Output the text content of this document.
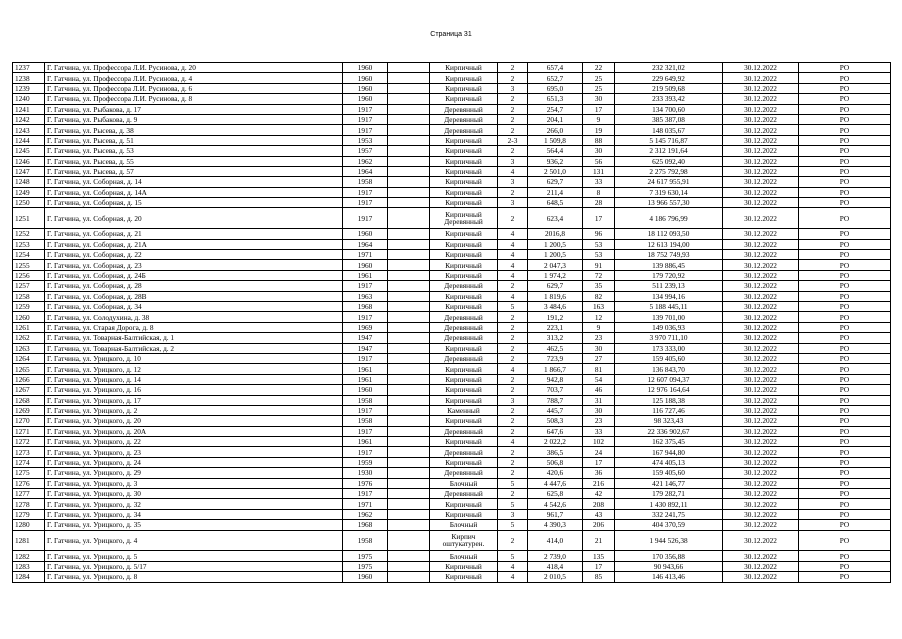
Страница 31
1237	Г. Гатчина, ул. Профессора Л.И. Русинова, д. 20	1960		Кирпичный	2	657,4	22	232 321,02	30.12.2022	РО
1238	Г. Гатчина, ул. Профессора Л.И. Русинова, д. 4	1960		Кирпичный	2	652,7	25	229 649,92	30.12.2022	РО
1239	Г. Гатчина, ул. Профессора Л.И. Русинова, д. 6	1960		Кирпичный	3	695,0	25	219 509,68	30.12.2022	РО
1240	Г. Гатчина, ул. Профессора Л.И. Русинова, д. 8	1960		Кирпичный	2	651,3	30	233 393,42	30.12.2022	РО
1241	Г. Гатчина, ул. Рыбакова, д. 17	1917		Деревянный	2	254,7	17	134 700,60	30.12.2022	РО
1242	Г. Гатчина, ул. Рыбакова, д. 9	1917		Деревянный	2	204,1	9	385 387,08	30.12.2022	РО
1243	Г. Гатчина, ул. Рысева, д. 38	1917		Деревянный	2	266,0	19	148 035,67	30.12.2022	РО
1244	Г. Гатчина, ул. Рысева, д. 51	1953		Кирпичный	2-3	1 509,8	88	5 145 716,87	30.12.2022	РО
1245	Г. Гатчина, ул. Рысева, д. 53	1957		Кирпичный	2	564,4	30	2 312 191,64	30.12.2022	РО
1246	Г. Гатчина, ул. Рысева, д. 55	1962		Кирпичный	3	936,2	56	625 092,40	30.12.2022	РО
1247	Г. Гатчина, ул. Рысева, д. 57	1964		Кирпичный	4	2 501,0	131	2 275 792,98	30.12.2022	РО
1248	Г. Гатчина, ул. Соборная, д. 14	1958		Кирпичный	3	629,7	33	24 617 955,91	30.12.2022	РО
1249	Г. Гатчина, ул. Соборная, д. 14А	1917		Кирпичный	2	211,4	8	7 319 630,14	30.12.2022	РО
1250	Г. Гатчина, ул. Соборная, д. 15	1917		Кирпичный	3	648,5	28	13 966 557,30	30.12.2022	РО
1251	Г. Гатчина, ул. Соборная, д. 20	1917		Кирпичный Деревянный	2	623,4	17	4 186 796,99	30.12.2022	РО
1252	Г. Гатчина, ул. Соборная, д. 21	1960		Кирпичный	4	2016,8	96	18 112 093,50	30.12.2022	РО
1253	Г. Гатчина, ул. Соборная, д. 21А	1964		Кирпичный	4	1 200,5	53	12 613 194,00	30.12.2022	РО
1254	Г. Гатчина, ул. Соборная, д. 22	1971		Кирпичный	4	1 200,5	53	18 752 749,93	30.12.2022	РО
1255	Г. Гатчина, ул. Соборная, д. 23	1960		Кирпичный	4	2 047,3	91	139 886,45	30.12.2022	РО
1256	Г. Гатчина, ул. Соборная, д. 24Б	1961		Кирпичный	4	1 974,2	72	179 720,92	30.12.2022	РО
1257	Г. Гатчина, ул. Соборная, д. 28	1917		Деревянный	2	629,7	35	511 239,13	30.12.2022	РО
1258	Г. Гатчина, ул. Соборная, д. 28В	1963		Кирпичный	4	1 819,6	82	134 994,16	30.12.2022	РО
1259	Г. Гатчина, ул. Соборная, д. 34	1968		Кирпичный	5	3 484,6	163	5 188 445,11	30.12.2022	РО
1260	Г. Гатчина, ул. Солодухина, д. 38	1917		Деревянный	2	191,2	12	139 701,00	30.12.2022	РО
1261	Г. Гатчина, ул. Старая Дорога, д. 8	1969		Деревянный	2	223,1	9	149 036,93	30.12.2022	РО
1262	Г. Гатчина, ул. Товарная-Балтийская, д. 1	1947		Деревянный	2	313,2	23	3 970 711,10	30.12.2022	РО
1263	Г. Гатчина, ул. Товарная-Балтийская, д. 2	1947		Кирпичный	2	462,5	30	173 333,00	30.12.2022	РО
1264	Г. Гатчина, ул. Урицкого, д. 10	1917		Деревянный	2	723,9	27	159 405,60	30.12.2022	РО
1265	Г. Гатчина, ул. Урицкого, д. 12	1961		Кирпичный	4	1 866,7	81	136 843,70	30.12.2022	РО
1266	Г. Гатчина, ул. Урицкого, д. 14	1961		Кирпичный	2	942,8	54	12 607 094,37	30.12.2022	РО
1267	Г. Гатчина, ул. Урицкого, д. 16	1960		Кирпичный	2	703,7	46	12 976 164,64	30.12.2022	РО
1268	Г. Гатчина, ул. Урицкого, д. 17	1958		Кирпичный	3	788,7	31	125 188,38	30.12.2022	РО
1269	Г. Гатчина, ул. Урицкого, д. 2	1917		Каменный	2	445,7	30	116 727,46	30.12.2022	РО
1270	Г. Гатчина, ул. Урицкого, д. 20	1958		Кирпичный	2	508,3	23	98 323,43	30.12.2022	РО
1271	Г. Гатчина, ул. Урицкого, д. 20А	1917		Деревянный	2	647,6	33	22 336 902,67	30.12.2022	РО
1272	Г. Гатчина, ул. Урицкого, д. 22	1961		Кирпичный	4	2 022,2	102	162 375,45	30.12.2022	РО
1273	Г. Гатчина, ул. Урицкого, д. 23	1917		Деревянный	2	386,5	24	167 944,80	30.12.2022	РО
1274	Г. Гатчина, ул. Урицкого, д. 24	1959		Кирпичный	2	506,8	17	474 405,13	30.12.2022	РО
1275	Г. Гатчина, ул. Урицкого, д. 29	1930		Деревянный	2	420,6	36	159 405,60	30.12.2022	РО
1276	Г. Гатчина, ул. Урицкого, д. 3	1976		Блочный	5	4 447,6	216	421 146,77	30.12.2022	РО
1277	Г. Гатчина, ул. Урицкого, д. 30	1917		Деревянный	2	625,8	42	179 282,71	30.12.2022	РО
1278	Г. Гатчина, ул. Урицкого, д. 32	1971		Кирпичный	5	4 542,6	208	1 430 892,11	30.12.2022	РО
1279	Г. Гатчина, ул. Урицкого, д. 34	1962		Кирпичный	3	961,7	43	332 241,75	30.12.2022	РО
1280	Г. Гатчина, ул. Урицкого, д. 35	1968		Блочный	5	4 390,3	206	404 370,59	30.12.2022	РО
1281	Г. Гатчина, ул. Урицкого, д. 4	1958		Кирпич оштукатурен.	2	414,0	21	1 944 526,38	30.12.2022	РО
1282	Г. Гатчина, ул. Урицкого, д. 5	1975		Блочный	5	2 739,0	135	170 356,88	30.12.2022	РО
1283	Г. Гатчина, ул. Урицкого, д. 5/17	1975		Кирпичный	4	418,4	17	90 943,66	30.12.2022	РО
1284	Г. Гатчина, ул. Урицкого, д. 8	1960		Кирпичный	4	2 010,5	85	146 413,46	30.12.2022	РО
